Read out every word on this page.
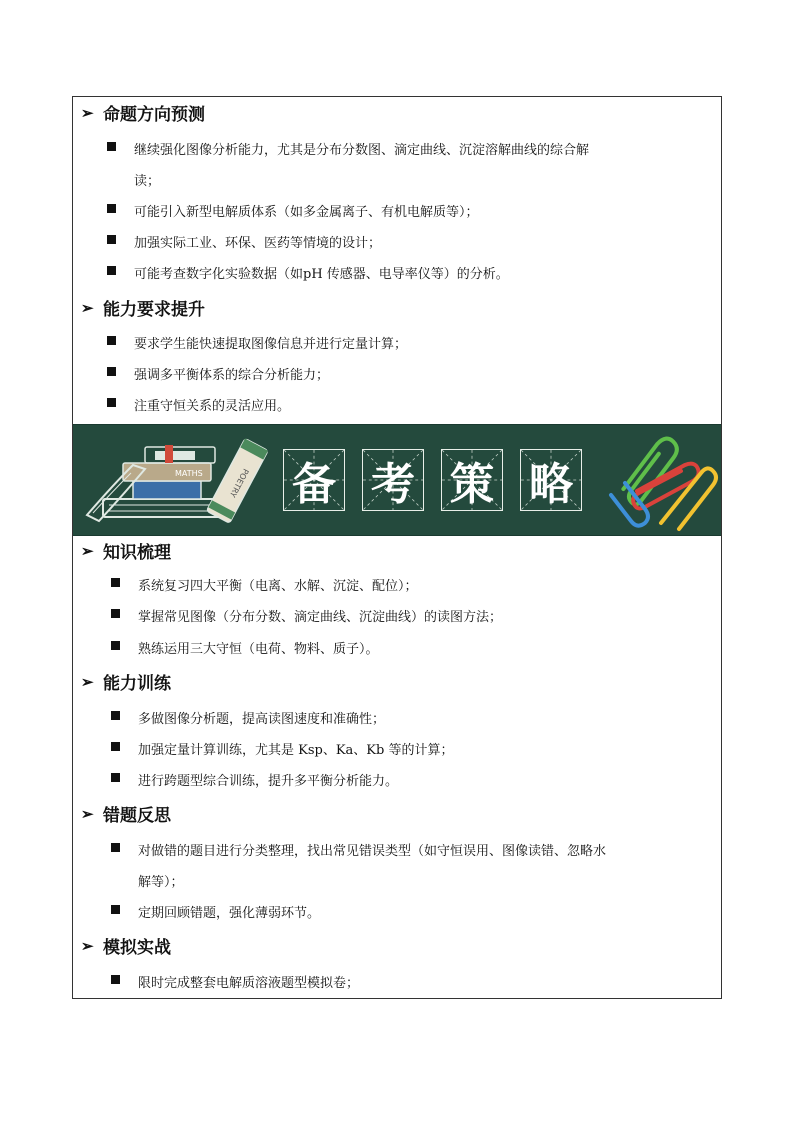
➢ 命题方向预测
继续强化图像分析能力，尤其是分布分数图、滴定曲线、沉淀溶解曲线的综合解
读；
可能引入新型电解质体系（如多金属离子、有机电解质等）；
加强实际工业、环保、医药等情境的设计；
可能考查数字化实验数据（如pH 传感器、电导率仪等）的分析。
➢ 能力要求提升
要求学生能快速提取图像信息并进行定量计算；
强调多平衡体系的综合分析能力；
注重守恒关系的灵活应用。
POETRY
MATHS 备 考 策 略
➢ 知识梳理
系统复习四大平衡（电离、水解、沉淀、配位）；
掌握常见图像（分布分数、滴定曲线、沉淀曲线）的读图方法；
熟练运用三大守恒（电荷、物料、质子）。
➢ 能力训练
多做图像分析题，提高读图速度和准确性；
加强定量计算训练，尤其是 Ksp、Ka、Kb 等的计算；
进行跨题型综合训练，提升多平衡分析能力。
➢ 错题反思
对做错的题目进行分类整理，找出常见错误类型（如守恒误用、图像读错、忽略水
解等）；
定期回顾错题，强化薄弱环节。
➢ 模拟实战
限时完成整套电解质溶液题型模拟卷；
